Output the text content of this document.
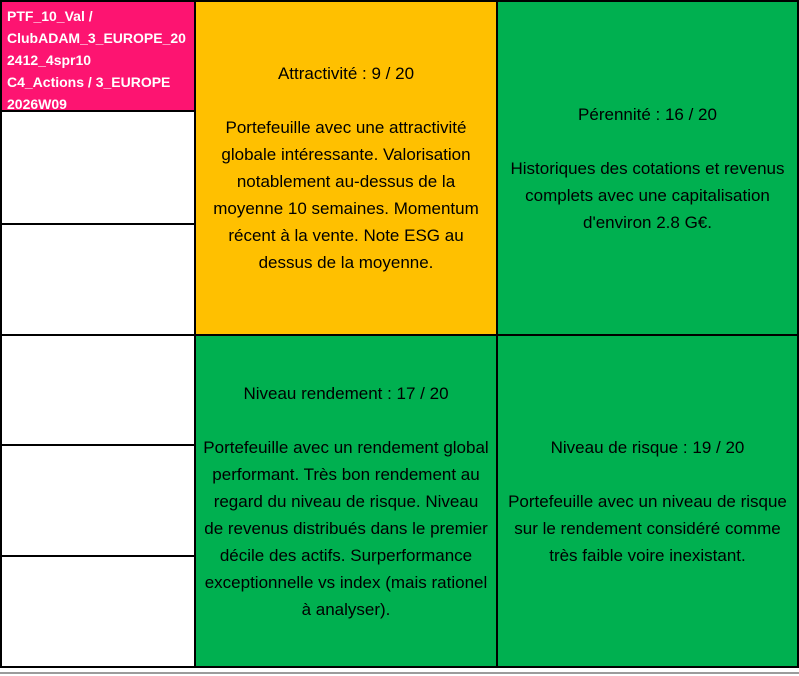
PTF_10_Val / ClubADAM_3_EUROPE_202412_4spr10
C4_Actions / 3_EUROPE 2026W09
Attractivité : 9 / 20
Portefeuille avec une attractivité globale intéressante. Valorisation notablement au-dessus de la moyenne 10 semaines. Momentum récent à la vente. Note ESG au dessus de la moyenne.
Niveau rendement : 17 / 20
Portefeuille avec un rendement global performant. Très bon rendement au regard du niveau de risque. Niveau de revenus distribués dans le premier décile des actifs. Surperformance exceptionnelle vs index (mais rationel à analyser).
Pérennité : 16 / 20
Historiques des cotations et revenus complets avec une capitalisation d'environ 2.8 G€.
Niveau de risque : 19 / 20
Portefeuille avec un niveau de risque sur le rendement considéré comme très faible voire inexistant.
